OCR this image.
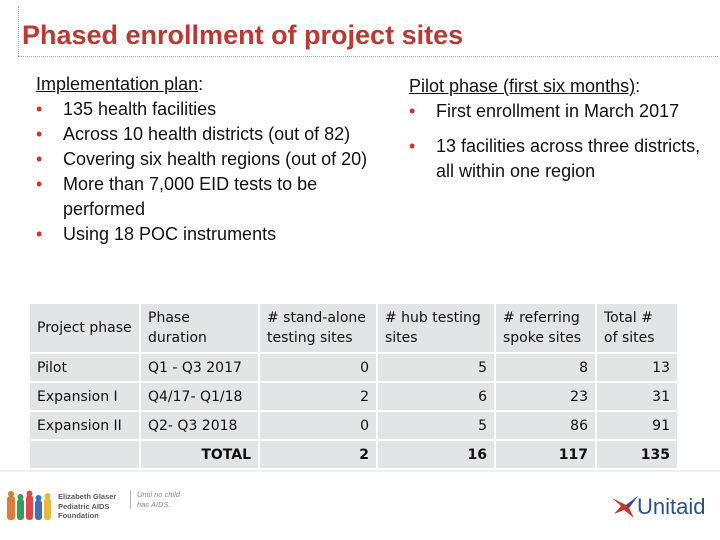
Phased enrollment of project sites
Implementation plan:
• 135 health facilities
• Across 10 health districts (out of 82)
• Covering six health regions (out of 20)
• More than 7,000 EID tests to be performed
• Using 18 POC instruments
Pilot phase (first six months):
• First enrollment in March 2017
• 13 facilities across three districts, all within one region
Project phase	Phase duration	# stand-alone testing sites	# hub testing sites	# referring spoke sites	Total # of sites
Pilot	Q1 - Q3 2017	0	5	8	13
Expansion I	Q4/17- Q1/18	2	6	23	31
Expansion II	Q2- Q3 2018	0	5	86	91
	TOTAL	2	16	117	135
Elizabeth Glaser Pediatric AIDS Foundation
Until no child has AIDS.	Unitaid
